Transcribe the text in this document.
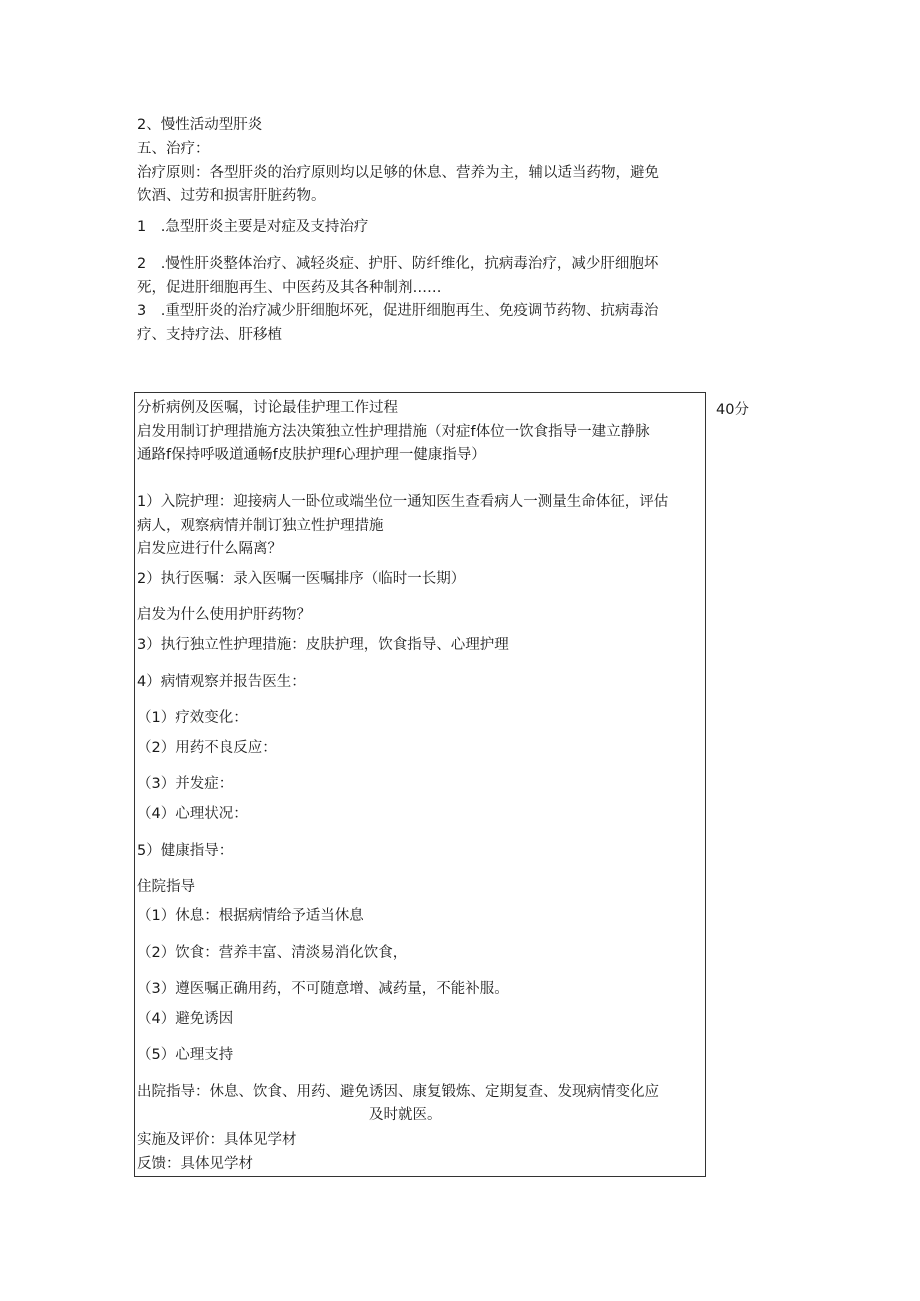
2、慢性活动型肝炎
五、治疗：
治疗原则：各型肝炎的治疗原则均以足够的休息、营养为主，辅以适当药物，避免
饮酒、过劳和损害肝脏药物。
1　.急型肝炎主要是对症及支持治疗
2　.慢性肝炎整体治疗、减轻炎症、护肝、防纤维化，抗病毒治疗，减少肝细胞坏
死，促进肝细胞再生、中医药及其各种制剂……
3　.重型肝炎的治疗减少肝细胞坏死，促进肝细胞再生、免疫调节药物、抗病毒治
疗、支持疗法、肝移植
40分
分析病例及医嘱，讨论最佳护理工作过程
启发用制订护理措施方法决策独立性护理措施（对症f体位一饮食指导一建立静脉
通路f保持呼吸道通畅f皮肤护理f心理护理一健康指导）
1）入院护理：迎接病人一卧位或端坐位一通知医生查看病人一测量生命体征，评估
病人，观察病情并制订独立性护理措施
启发应进行什么隔离？
2）执行医嘱：录入医嘱一医嘱排序（临时一长期）
启发为什么使用护肝药物？
3）执行独立性护理措施：皮肤护理，饮食指导、心理护理
4）病情观察并报告医生：
（1）疗效变化：
（2）用药不良反应：
（3）并发症：
（4）心理状况：
5）健康指导：
住院指导
（1）休息：根据病情给予适当休息
（2）饮食：营养丰富、清淡易消化饮食，
（3）遵医嘱正确用药，不可随意增、减药量，不能补服。
（4）避免诱因
（5）心理支持
出院指导：休息、饮食、用药、避免诱因、康复锻炼、定期复查、发现病情变化应
及时就医。
实施及评价：具体见学材
反馈：具体见学材
